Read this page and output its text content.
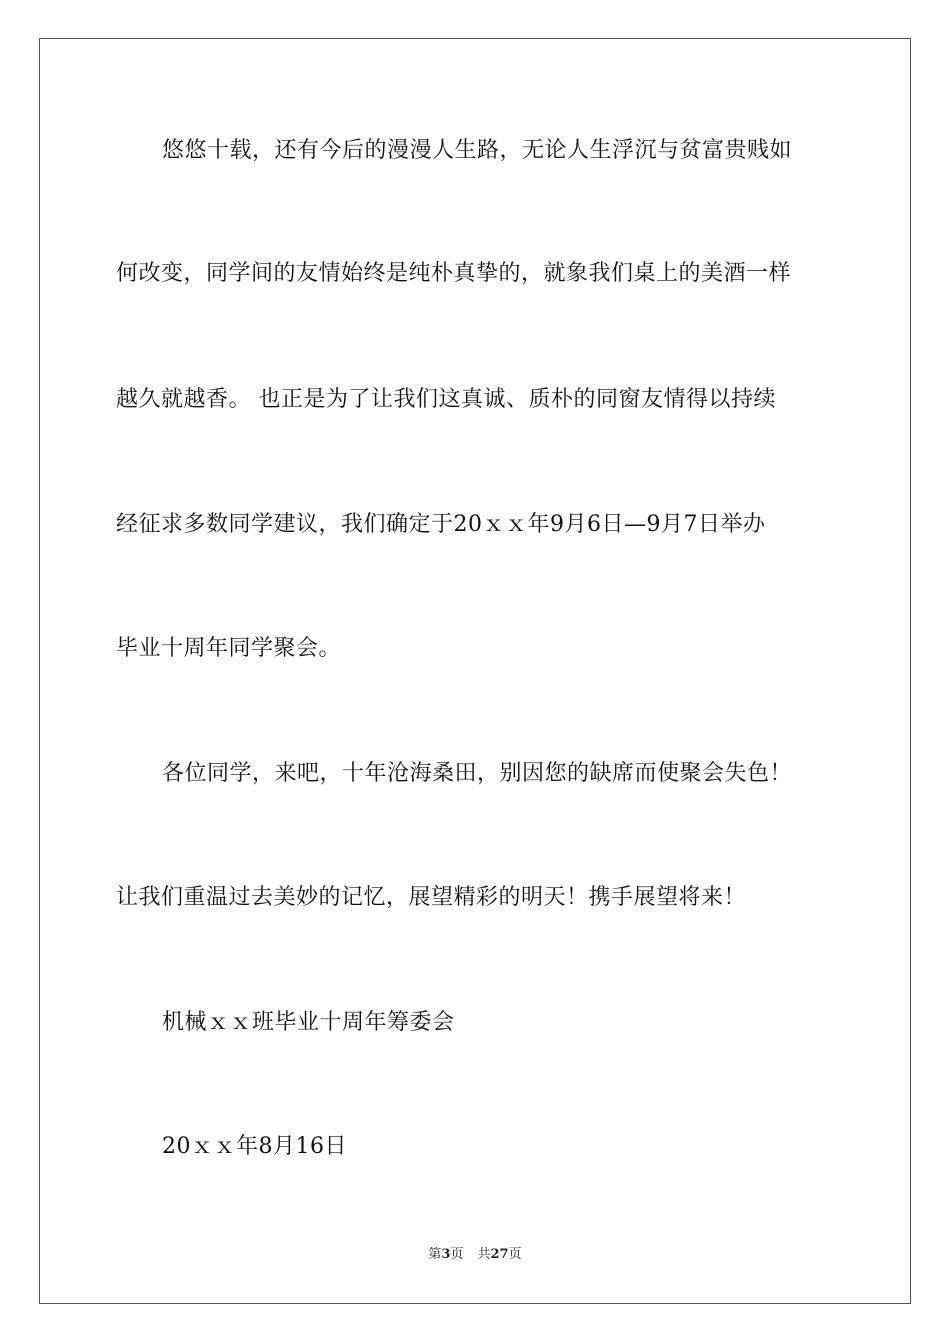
悠悠十载，还有今后的漫漫人生路，无论人生浮沉与贫富贵贱如
何改变，同学间的友情始终是纯朴真挚的，就象我们桌上的美酒一样
越久就越香。 也正是为了让我们这真诚、质朴的同窗友情得以持续
经征求多数同学建议，我们确定于20ｘｘ年9月6日—9月7日举办
毕业十周年同学聚会。
各位同学，来吧，十年沧海桑田，别因您的缺席而使聚会失色！
让我们重温过去美妙的记忆，展望精彩的明天！携手展望将来！
机械ｘｘ班毕业十周年筹委会
20ｘｘ年8月16日
第3页 共27页
